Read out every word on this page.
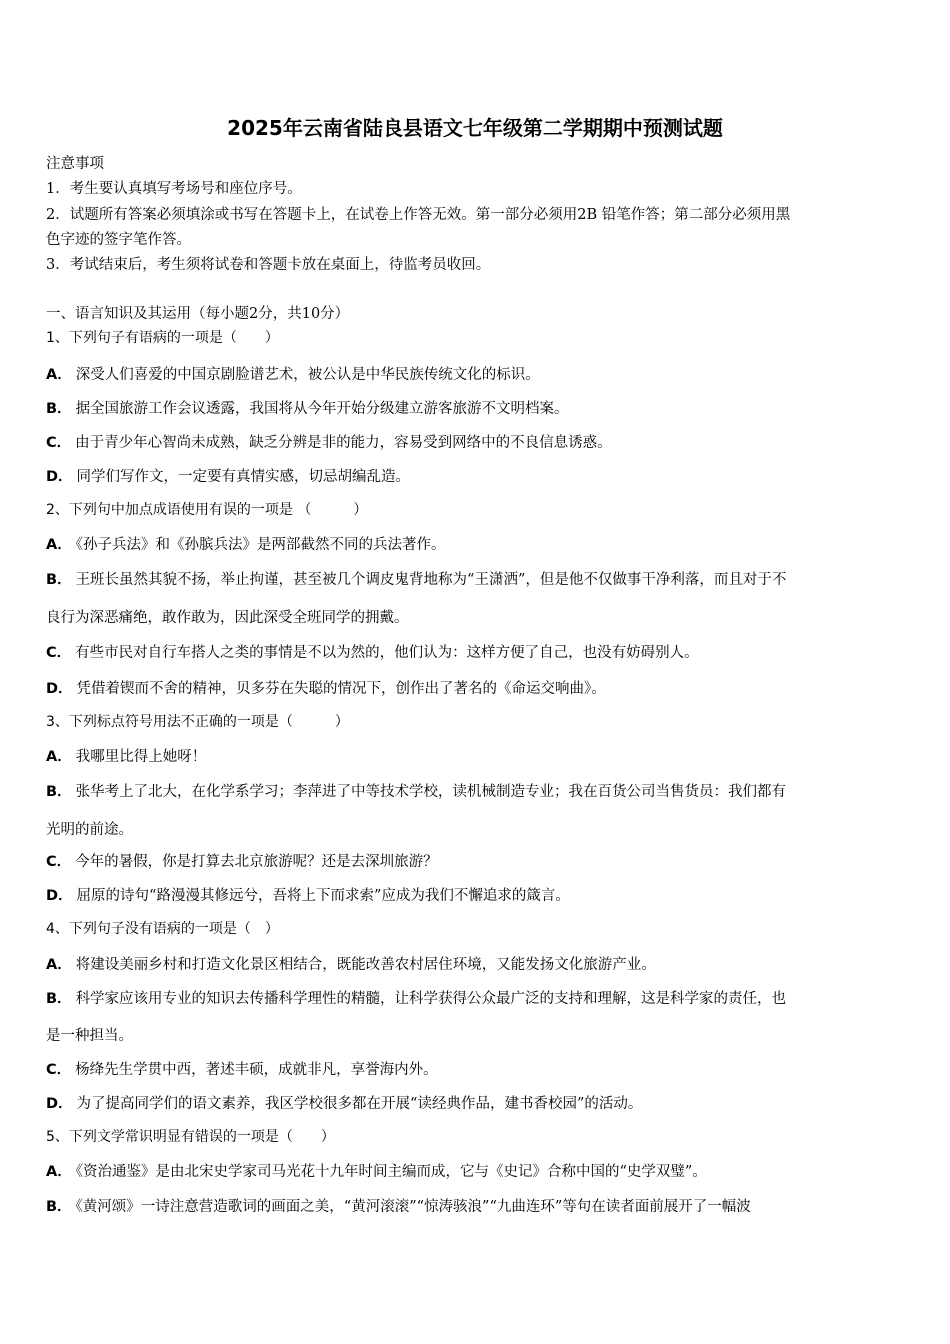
2025年云南省陆良县语文七年级第二学期期中预测试题
注意事项
1．考生要认真填写考场号和座位序号。
2．试题所有答案必须填涂或书写在答题卡上，在试卷上作答无效。第一部分必须用2B 铅笔作答；第二部分必须用黑
色字迹的签字笔作答。
3．考试结束后，考生须将试卷和答题卡放在桌面上，待监考员收回。
一、语言知识及其运用（每小题2分，共10分）
1、下列句子有语病的一项是（　　）
A． 深受人们喜爱的中国京剧脸谱艺术，被公认是中华民族传统文化的标识。
B． 据全国旅游工作会议透露，我国将从今年开始分级建立游客旅游不文明档案。
C． 由于青少年心智尚未成熟，缺乏分辨是非的能力，容易受到网络中的不良信息诱惑。
D． 同学们写作文，一定要有真情实感，切忌胡编乱造。
2、下列句中加点成语使用有误的一项是 （　　　）
A． 《孙子兵法》和《孙膑兵法》是两部截然不同的兵法著作。
B． 王班长虽然其貌不扬，举止拘谨，甚至被几个调皮鬼背地称为“王潇洒”，但是他不仅做事干净利落，而且对于不
良行为深恶痛绝，敢作敢为，因此深受全班同学的拥戴。
C． 有些市民对自行车搭人之类的事情是不以为然的，他们认为：这样方便了自己，也没有妨碍别人。
D． 凭借着锲而不舍的精神，贝多芬在失聪的情况下，创作出了著名的《命运交响曲》。
3、下列标点符号用法不正确的一项是（　　　）
A． 我哪里比得上她呀！
B． 张华考上了北大，在化学系学习；李萍进了中等技术学校，读机械制造专业；我在百货公司当售货员：我们都有
光明的前途。
C． 今年的暑假，你是打算去北京旅游呢？还是去深圳旅游？
D． 屈原的诗句“路漫漫其修远兮，吾将上下而求索”应成为我们不懈追求的箴言。
4、下列句子没有语病的一项是（　）
A． 将建设美丽乡村和打造文化景区相结合，既能改善农村居住环境，又能发扬文化旅游产业。
B． 科学家应该用专业的知识去传播科学理性的精髓，让科学获得公众最广泛的支持和理解，这是科学家的责任，也
是一种担当。
C． 杨绛先生学贯中西，著述丰硕，成就非凡，享誉海内外。
D． 为了提高同学们的语文素养，我区学校很多都在开展“读经典作品，建书香校园”的活动。
5、下列文学常识明显有错误的一项是（　　）
A． 《资治通鉴》是由北宋史学家司马光花十九年时间主编而成，它与《史记》合称中国的“史学双璧”。
B． 《黄河颂》一诗注意营造歌词的画面之美，“黄河滚滚”“惊涛骇浪”“九曲连环”等句在读者面前展开了一幅波
